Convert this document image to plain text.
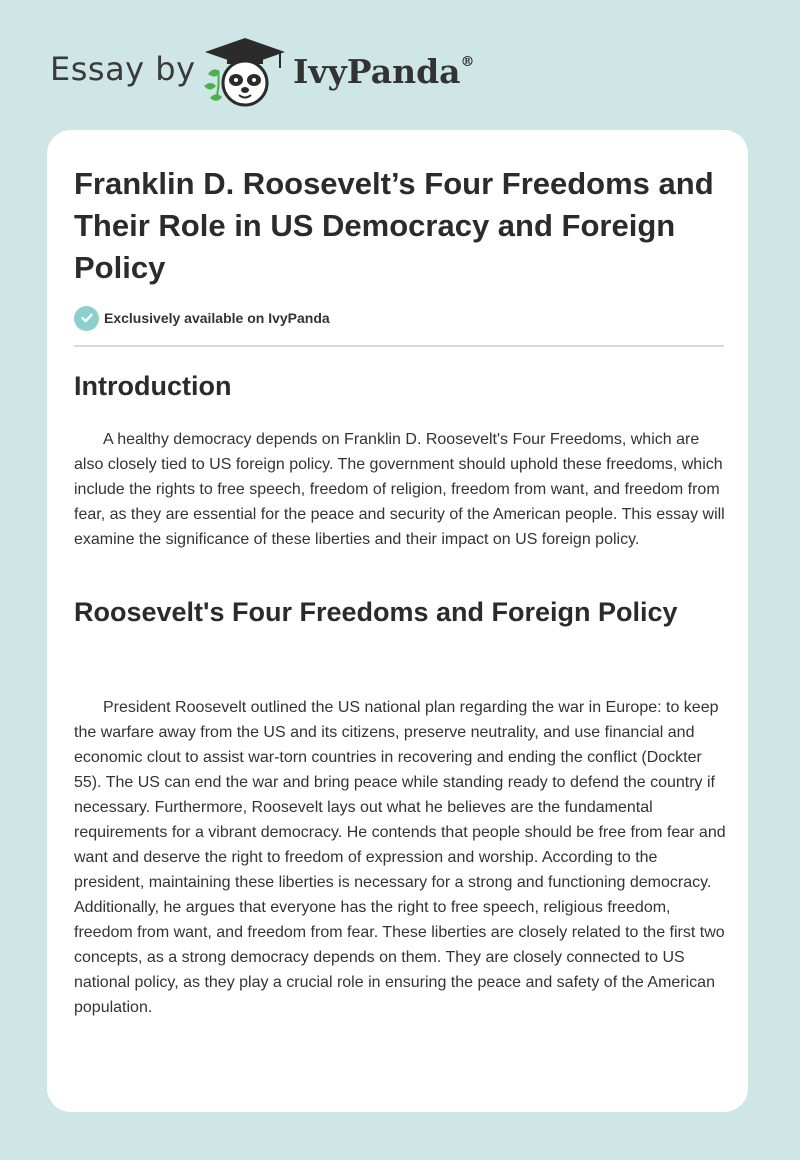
Essay by	IvyPanda®
Franklin D. Roosevelt’s Four Freedoms and Their Role in US Democracy and Foreign Policy
Exclusively available on IvyPanda
Introduction

A healthy democracy depends on Franklin D. Roosevelt's Four Freedoms, which are also closely tied to US foreign policy. The government should uphold these freedoms, which include the rights to free speech, freedom of religion, freedom from want, and freedom from fear, as they are essential for the peace and security of the American people. This essay will examine the significance of these liberties and their impact on US foreign policy.

Roosevelt's Four Freedoms and Foreign Policy

President Roosevelt outlined the US national plan regarding the war in Europe: to keep the warfare away from the US and its citizens, preserve neutrality, and use financial and economic clout to assist war-torn countries in recovering and ending the conflict (Dockter 55). The US can end the war and bring peace while standing ready to defend the country if necessary. Furthermore, Roosevelt lays out what he believes are the fundamental requirements for a vibrant democracy. He contends that people should be free from fear and want and deserve the right to freedom of expression and worship. According to the president, maintaining these liberties is necessary for a strong and functioning democracy. Additionally, he argues that everyone has the right to free speech, religious freedom, freedom from want, and freedom from fear. These liberties are closely related to the first two concepts, as a strong democracy depends on them. They are closely connected to US national policy, as they play a crucial role in ensuring the peace and safety of the American population.
